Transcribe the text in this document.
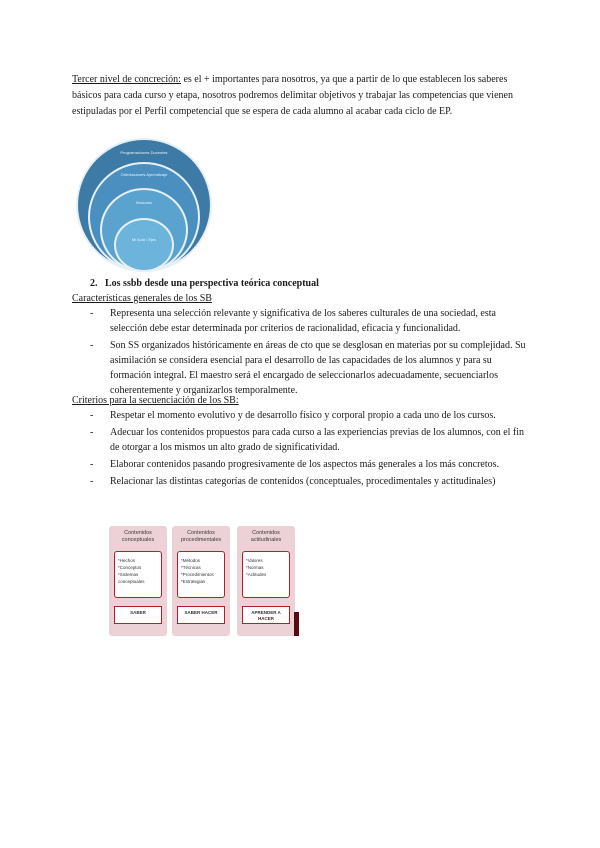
Tercer nivel de concreción: es el + importantes para nosotros, ya que a partir de lo que establecen los saberes básicos para cada curso y etapa, nosotros podremos delimitar objetivos y trabajar las competencias que vienen estipuladas por el Perfil competencial que se espera de cada alumno al acabar cada ciclo de EP.
Programaciones Docentes
Orientaciones Aprendizaje
Sesiones
Mi Aula / Ejes
2. Los ssbb desde una perspectiva teórica conceptual
Características generales de los SB
- Representa una selección relevante y significativa de los saberes culturales de una sociedad, esta selección debe estar determinada por criterios de racionalidad, eficacia y funcionalidad.
- Son SS organizados históricamente en áreas de cto que se desglosan en materias por su complejidad. Su asimilación se considera esencial para el desarrollo de las capacidades de los alumnos y para su formación integral. El maestro será el encargado de seleccionarlos adecuadamente, secuenciarlos coherentemente y organizarlos temporalmente.
Criterios para la secuenciación de los SB:
- Respetar el momento evolutivo y de desarrollo físico y corporal propio a cada uno de los cursos.
- Adecuar los contenidos propuestos para cada curso a las experiencias previas de los alumnos, con el fin de otorgar a los mismos un alto grado de significatividad.
- Elaborar contenidos pasando progresivamente de los aspectos más generales a los más concretos.
- Relacionar las distintas categorías de contenidos (conceptuales, procedimentales y actitudinales)
Contenidos conceptuales
*Hechos
*Conceptos
*Sistemas conceptuales
SABER
Contenidos procedimentales
*Métodos
*Técnicas
*Procedimientos
*Estrategias
SABER HACER
Contenidos actitudinales
*Valores
*Normas
*Actitudes
APRENDER A HACER
